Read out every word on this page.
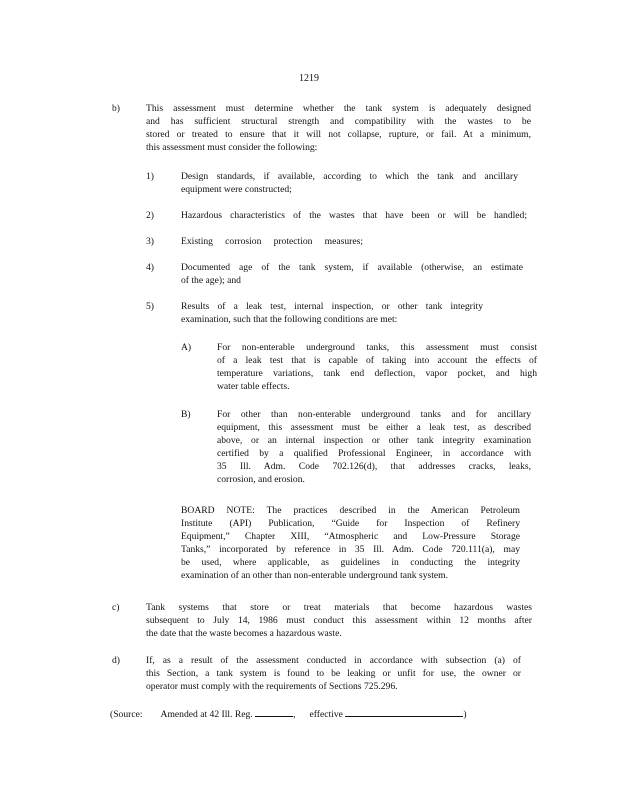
1219
b)	This assessment must determine whether the tank system is adequately designed
and has sufficient structural strength and compatibility with the wastes to be
stored or treated to ensure that it will not collapse, rupture, or fail. At a minimum,
this assessment must consider the following:
1)	Design standards, if available, according to which the tank and ancillary
equipment were constructed;
2)	Hazardous characteristics of the wastes that have been or will be handled;
3)	Existing corrosion protection measures;
4)	Documented age of the tank system, if available (otherwise, an estimate
of the age); and
5)	Results of a leak test, internal inspection, or other tank integrity
examination, such that the following conditions are met:
A)	For non-enterable underground tanks, this assessment must consist
of a leak test that is capable of taking into account the effects of
temperature variations, tank end deflection, vapor pocket, and high
water table effects.
B)	For other than non-enterable underground tanks and for ancillary
equipment, this assessment must be either a leak test, as described
above, or an internal inspection or other tank integrity examination
certified by a qualified Professional Engineer, in accordance with
35 Ill. Adm. Code 702.126(d), that addresses cracks, leaks,
corrosion, and erosion.
BOARD NOTE: The practices described in the American Petroleum
Institute (API) Publication, “Guide for Inspection of Refinery
Equipment,” Chapter XIII, “Atmospheric and Low-Pressure Storage
Tanks,” incorporated by reference in 35 Ill. Adm. Code 720.111(a), may
be used, where applicable, as guidelines in conducting the integrity
examination of an other than non-enterable underground tank system.
c)	Tank systems that store or treat materials that become hazardous wastes
subsequent to July 14, 1986 must conduct this assessment within 12 months after
the date that the waste becomes a hazardous waste.
d)	If, as a result of the assessment conducted in accordance with subsection (a) of
this Section, a tank system is found to be leaking or unfit for use, the owner or
operator must comply with the requirements of Sections 725.296.
(Source: Amended at 42 Ill. Reg.	, effective	)
